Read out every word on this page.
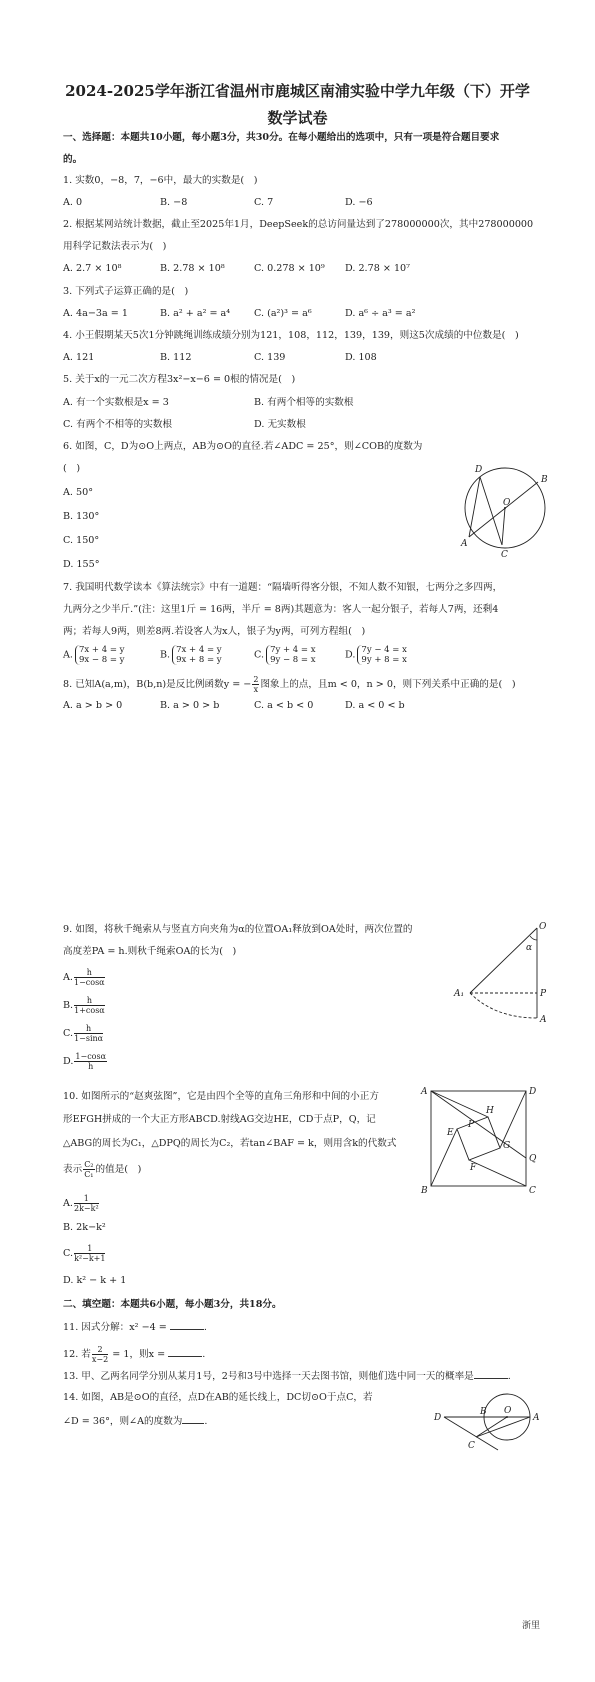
2024-2025学年浙江省温州市鹿城区南浦实验中学九年级（下）开学
数学试卷
一、选择题：本题共10小题，每小题3分，共30分。在每小题给出的选项中，只有一项是符合题目要求
的。
1. 实数0，−8，7，−6中，最大的实数是(　)
A. 0	B. −8	C. 7	D. −6
2. 根据某网站统计数据，截止至2025年1月，DeepSeek的总访问量达到了278000000次，其中278000000
用科学记数法表示为(　)
A. 2.7 × 10⁸	B. 2.78 × 10⁸	C. 0.278 × 10⁹ D. 2.78 × 10⁷
3. 下列式子运算正确的是(　)
A. 4a−3a = 1	B. a² + a² = a⁴ C. (a²)³ = a⁶	D. a⁶ ÷ a³ = a²
4. 小王假期某天5次1分钟跳绳训练成绩分别为121，108，112，139，139，则这5次成绩的中位数是(　)
A. 121	B. 112	C. 139	D. 108
5. 关于x的一元二次方程3x²−x−6 = 0根的情况是(　)
A. 有一个实数根是x = 3	B. 有两个相等的实数根
C. 有两个不相等的实数根	D. 无实数根
6. 如图，C，D为⊙O上两点，AB为⊙O的直径.若∠ADC = 25°，则∠COB的度数为
(　)
A. 50°
B. 130°
C. 150°
D. 155°
D
B
O
A
C
7. 我国明代数学读本《算法统宗》中有一道题：“隔墙听得客分银，不知人数不知银，七两分之多四两，
九两分之少半斤.”(注：这里1斤 = 16两，半斤 = 8两)其题意为：客人一起分银子，若每人7两，还剩4
两；若每人9两，则差8两.若设客人为x人，银子为y两，可列方程组(　)
A. 7x + 4 = y
9x − 8 = y	B. 7x + 4 = y
9x + 8 = y	C. 7y + 4 = x
9y − 8 = x	D. 7y − 4 = x
9y + 8 = x
8. 已知A(a,m)，B(b,n)是反比例函数y = − $\frac{2}{x}$ 图象上的点，且m < 0，n > 0，则下列关系中正确的是(　)
A. a > b > 0	B. a > 0 > b	C. a < b < 0	D. a < 0 < b
9. 如图，将秋千绳索从与竖直方向夹角为α的位置OA₁释放到OA处时，两次位置的
高度差PA = h.则秋千绳索OA的长为(　)
A. $\frac{h}{1-\cos\alpha}$
B. $\frac{h}{1+\cos\alpha}$
C. $\frac{h}{1-\sin\alpha}$
D. $\frac{1-\cos\alpha}{h}$
O
α
A₁	P
A
10. 如图所示的“赵爽弦图”，它是由四个全等的直角三角形和中间的小正方
形EFGH拼成的一个大正方形ABCD.射线AG交边HE，CD于点P，Q，记
△ABG的周长为C₁，△DPQ的周长为C₂，若tan∠BAF = k，则用含k的代数式
表示 $\frac{\text{C₂}}{\text{C₁}}$ 的值是(　)
A. $\frac{1}{\text{2k−k²}}$
B. 2k−k²
C. $\frac{1}{\text{k²−k+1}}$
D. k² − k + 1
A	D
H
E
P
G
Q
F
B	C
二、填空题：本题共6小题，每小题3分，共18分。
11. 因式分解：x² −4 =	.
12. 若 $\frac{2}{x-2} = 1$，则x =	.
13. 甲、乙两名同学分别从某月1号，2号和3号中选择一天去图书馆，则他们选中同一天的概率是	.
14. 如图，AB是⊙O的直径，点D在AB的延长线上，DC切⊙O于点C，若
∠D = 36°，则∠A的度数为 .	D
B O
A
C
浙里
